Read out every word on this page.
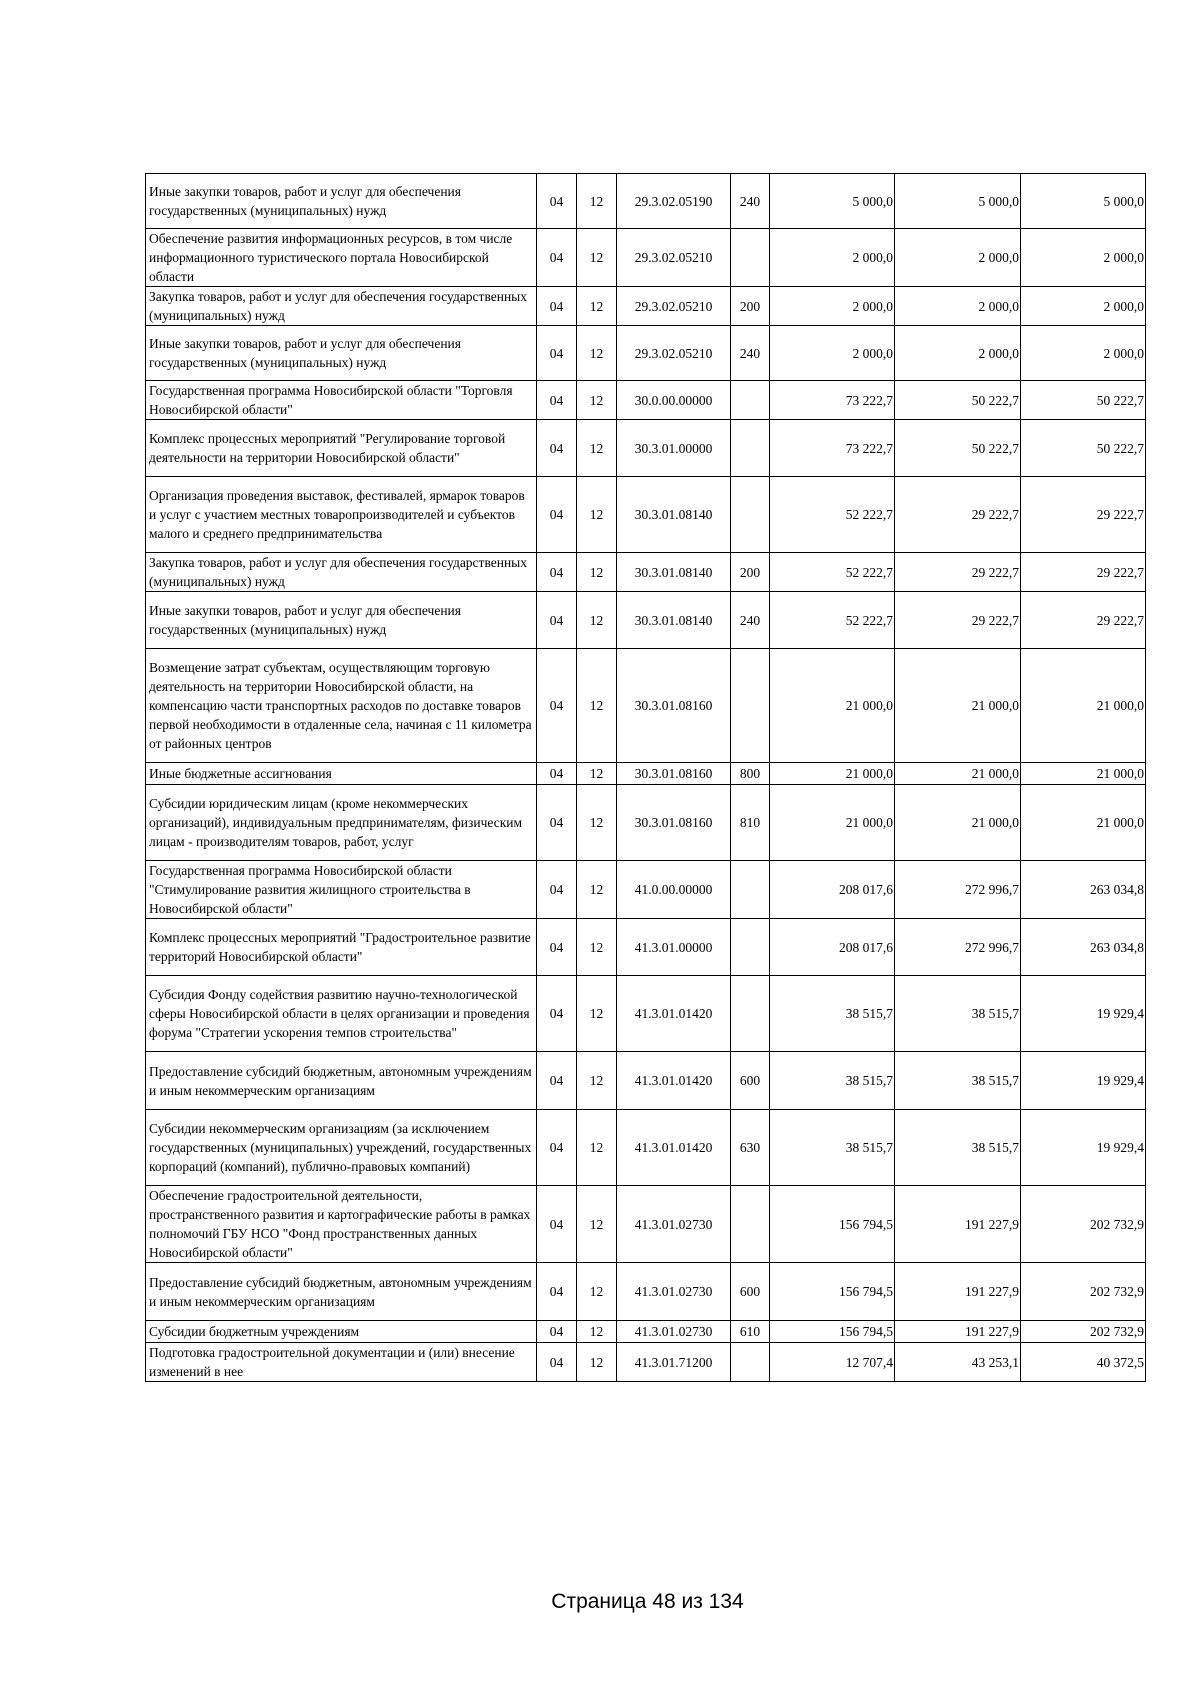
Иные закупки товаров, работ и услуг для обеспечения государственных (муниципальных) нужд	04	12	29.3.02.05190	240	5 000,0	5 000,0	5 000,0
Обеспечение развития информационных ресурсов, в том числе информационного туристического портала Новосибирской области	04	12	29.3.02.05210		2 000,0	2 000,0	2 000,0
Закупка товаров, работ и услуг для обеспечения государственных (муниципальных) нужд	04	12	29.3.02.05210	200	2 000,0	2 000,0	2 000,0
Иные закупки товаров, работ и услуг для обеспечения государственных (муниципальных) нужд	04	12	29.3.02.05210	240	2 000,0	2 000,0	2 000,0
Государственная программа Новосибирской области "Торговля Новосибирской области"	04	12	30.0.00.00000		73 222,7	50 222,7	50 222,7
Комплекс процессных мероприятий "Регулирование торговой деятельности на территории Новосибирской области"	04	12	30.3.01.00000		73 222,7	50 222,7	50 222,7
Организация проведения выставок, фестивалей, ярмарок товаров и услуг с участием местных товаропроизводителей и субъектов малого и среднего предпринимательства	04	12	30.3.01.08140		52 222,7	29 222,7	29 222,7
Закупка товаров, работ и услуг для обеспечения государственных (муниципальных) нужд	04	12	30.3.01.08140	200	52 222,7	29 222,7	29 222,7
Иные закупки товаров, работ и услуг для обеспечения государственных (муниципальных) нужд	04	12	30.3.01.08140	240	52 222,7	29 222,7	29 222,7
Возмещение затрат субъектам, осуществляющим торговую деятельность на территории Новосибирской области, на компенсацию части транспортных расходов по доставке товаров первой необходимости в отдаленные села, начиная с 11 километра от районных центров	04	12	30.3.01.08160		21 000,0	21 000,0	21 000,0
Иные бюджетные ассигнования	04	12	30.3.01.08160	800	21 000,0	21 000,0	21 000,0
Субсидии юридическим лицам (кроме некоммерческих организаций), индивидуальным предпринимателям, физическим лицам - производителям товаров, работ, услуг	04	12	30.3.01.08160	810	21 000,0	21 000,0	21 000,0
Государственная программа Новосибирской области "Стимулирование развития жилищного строительства в Новосибирской области"	04	12	41.0.00.00000		208 017,6	272 996,7	263 034,8
Комплекс процессных мероприятий "Градостроительное развитие территорий Новосибирской области"	04	12	41.3.01.00000		208 017,6	272 996,7	263 034,8
Субсидия Фонду содействия развитию научно-технологической сферы Новосибирской области в целях организации и проведения форума "Стратегии ускорения темпов строительства"	04	12	41.3.01.01420		38 515,7	38 515,7	19 929,4
Предоставление субсидий бюджетным, автономным учреждениям и иным некоммерческим организациям	04	12	41.3.01.01420	600	38 515,7	38 515,7	19 929,4
Субсидии некоммерческим организациям (за исключением государственных (муниципальных) учреждений, государственных корпораций (компаний), публично-правовых компаний)	04	12	41.3.01.01420	630	38 515,7	38 515,7	19 929,4
Обеспечение градостроительной деятельности, пространственного развития и картографические работы в рамках полномочий ГБУ НСО "Фонд пространственных данных Новосибирской области"	04	12	41.3.01.02730		156 794,5	191 227,9	202 732,9
Предоставление субсидий бюджетным, автономным учреждениям и иным некоммерческим организациям	04	12	41.3.01.02730	600	156 794,5	191 227,9	202 732,9
Субсидии бюджетным учреждениям	04	12	41.3.01.02730	610	156 794,5	191 227,9	202 732,9
Подготовка градостроительной документации и (или) внесение изменений в нее	04	12	41.3.01.71200		12 707,4	43 253,1	40 372,5
Страница 48 из 134
